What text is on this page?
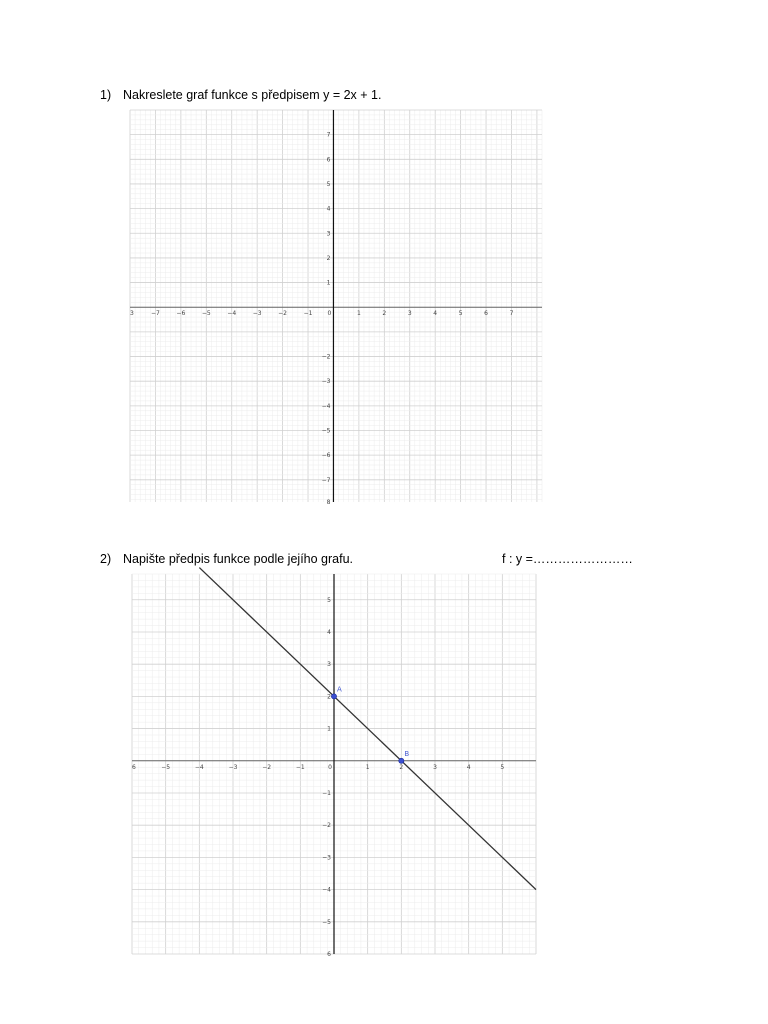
1) Nakreslete graf funkce s předpisem y = 2x + 1.
3	−7	−6	−5	−4	−3	−2	−1	0	1	2	3	4	5	6	7
7
6
5
4
3
2
1
−2
−3
−4
−5
−6
−7
8
2) Napište předpis funkce podle jejího grafu.	f : y =……………………
6	−5	−4	−3	−2	−1	0	1	2	3	4	5
5
4
3
2
1
−1
−2
−3
−4
−5
6
A
B
